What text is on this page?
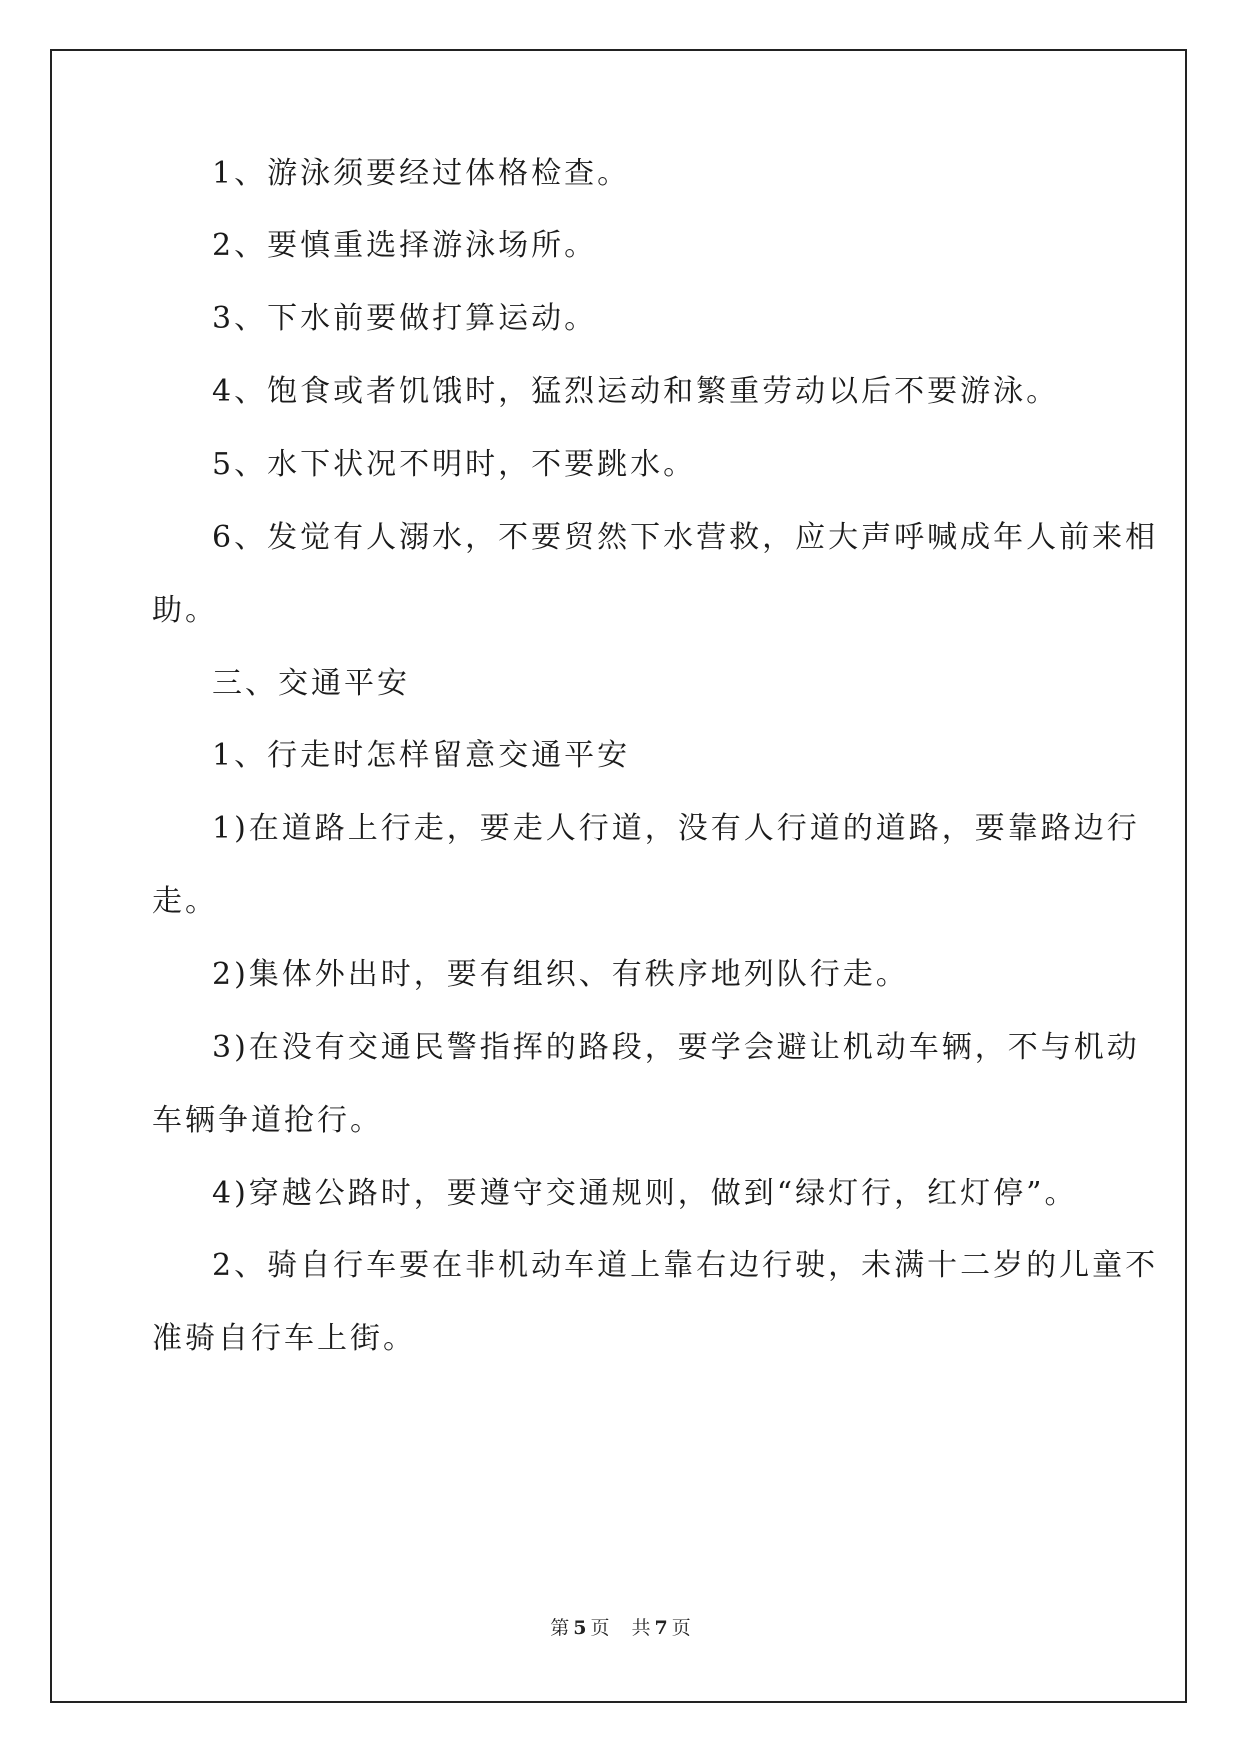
1、游泳须要经过体格检查。
2、要慎重选择游泳场所。
3、下水前要做打算运动。
4、饱食或者饥饿时，猛烈运动和繁重劳动以后不要游泳。
5、水下状况不明时，不要跳水。
6、发觉有人溺水，不要贸然下水营救，应大声呼喊成年人前来相
助。
三、交通平安
1、行走时怎样留意交通平安
1)在道路上行走，要走人行道，没有人行道的道路，要靠路边行
走。
2)集体外出时，要有组织、有秩序地列队行走。
3)在没有交通民警指挥的路段，要学会避让机动车辆，不与机动
车辆争道抢行。
4)穿越公路时，要遵守交通规则，做到“绿灯行，红灯停”。
2、骑自行车要在非机动车道上靠右边行驶，未满十二岁的儿童不
准骑自行车上街。
第 5 页 共 7 页
